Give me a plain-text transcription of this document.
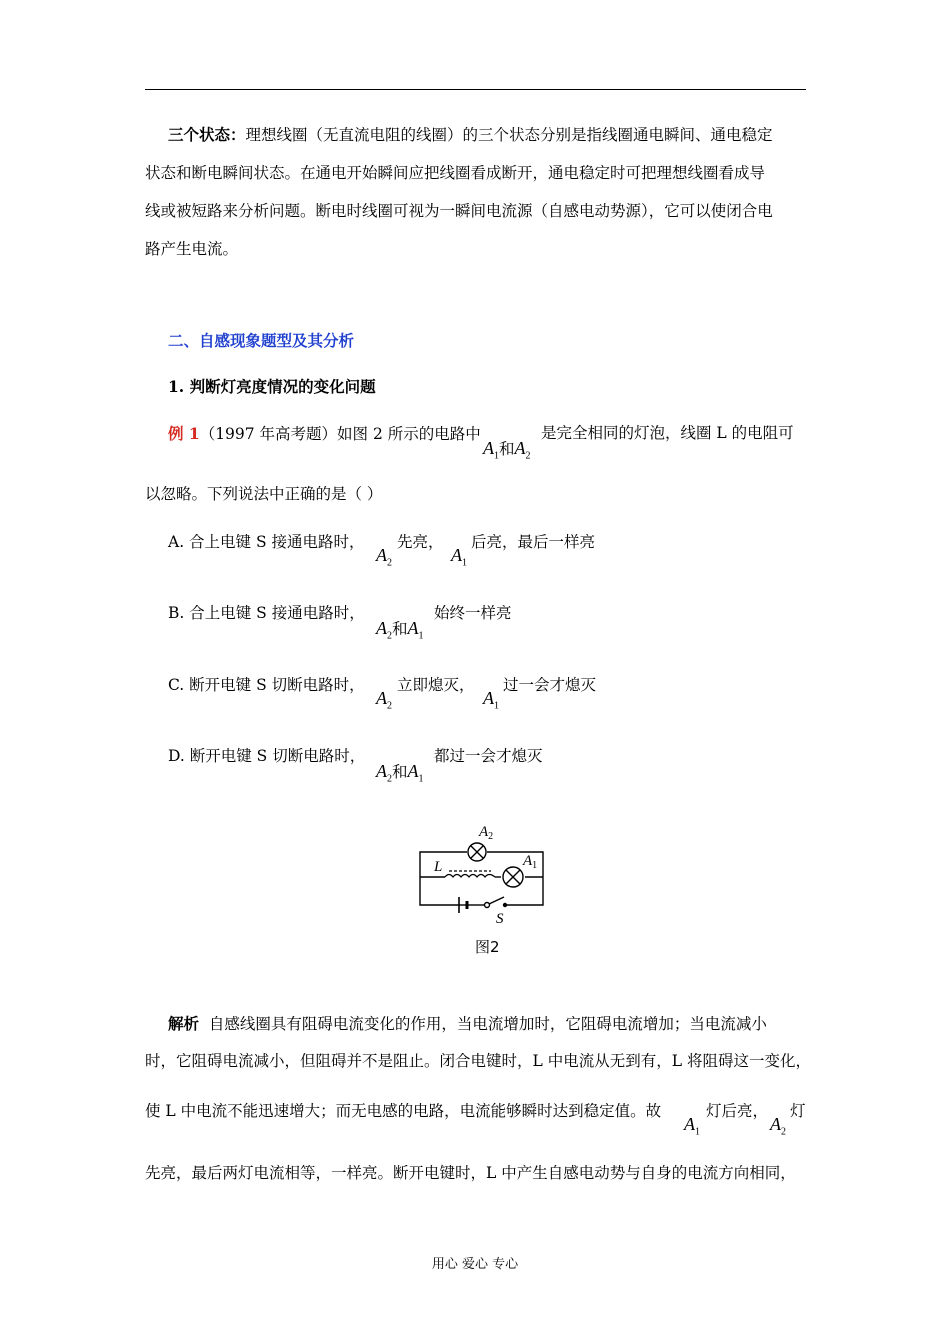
三个状态：理想线圈（无直流电阻的线圈）的三个状态分别是指线圈通电瞬间、通电稳定
状态和断电瞬间状态。在通电开始瞬间应把线圈看成断开，通电稳定时可把理想线圈看成导
线或被短路来分析问题。断电时线圈可视为一瞬间电流源（自感电动势源），它可以使闭合电
路产生电流。
二、自感现象题型及其分析
1. 判断灯亮度情况的变化问题
例 1（1997 年高考题）如图 2 所示的电路中
$A_1$和$A_2$
是完全相同的灯泡，线圈 L 的电阻可
以忽略。下列说法中正确的是（ ）
A. 合上电键 S 接通电路时，
$A_2$
先亮，
$A_1$
后亮，最后一样亮
B. 合上电键 S 接通电路时，
$A_2$和$A_1$
始终一样亮
C. 断开电键 S 切断电路时，
$A_2$
立即熄灭，
$A_1$
过一会才熄灭
D. 断开电键 S 切断电路时，
$A_2$和$A_1$
都过一会才熄灭
$A_2$
L	$A_1$
S
图2
解析 自感线圈具有阻碍电流变化的作用，当电流增加时，它阻碍电流增加；当电流减小
时，它阻碍电流减小，但阻碍并不是阻止。闭合电键时，L 中电流从无到有，L 将阻碍这一变化，
使 L 中电流不能迅速增大；而无电感的电路，电流能够瞬时达到稳定值。故
$A_1$
灯后亮，
$A_2$
灯
先亮，最后两灯电流相等，一样亮。断开电键时，L 中产生自感电动势与自身的电流方向相同，
用心 爱心 专心
